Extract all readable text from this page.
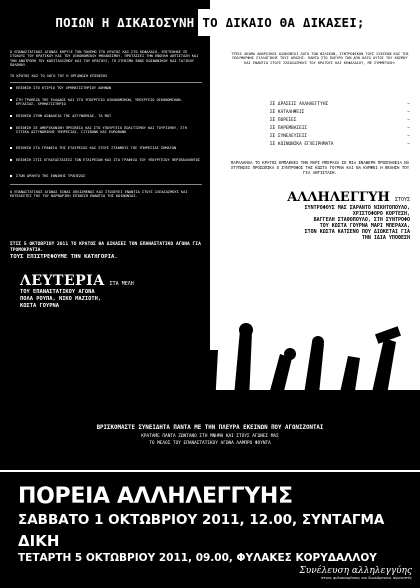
ΤΡΕΙΣ ΑΚΟΜΑ ΑΝΑΡΧΙΚΟΙ ΔΙΩΚΟΝΤΑΙ ΛΟΓΩ ΤΩΝ ΦΙΛΙΚΩΝ, ΣΥΝΤΡΟΦΙΚΩΝ ΤΟΥΣ ΣΧΕΣΕΩΝ ΚΑΙ ΤΗΣ ΠΟΛΥΜΟΡΦΗΣ ΣΥΛΛΟΓΙΚΗΣ ΤΟΥΣ ΔΡΑΣΗΣ. ΠΑΝΤΑ ΣΤΟ ΠΛΕΥΡΟ ΤΩΝ ΑΠΟ ΚΑΤΩ ΑΥΤΟΙ ΤΟΥ ΚΟΣΜΟΥ ΚΑΙ ΕΝΑΝΤΙΑ ΣΤΟΥΣ ΣΧΕΔΙΑΣΜΟΥΣ ΤΟΥ ΚΡΑΤΟΥΣ ΚΑΙ ΚΕΦΑΛΑΙΟΥ, ΜΕ ΣΥΜΜΕΤΟΧΗ:
ΣΕ ΔΡΑΣΕΙΣ ΑΛΛΗΛΕΓΓΥΗΣ	—
ΣΕ ΚΑΤΑΛΗΨΕΙΣ	—
ΣΕ ΠΟΡΕΙΕΣ	—
ΣΕ ΠΑΡΕΜΒΑΣΕΙΣ	—
ΣΕ ΣΥΝΕΛΕΥΣΕΙΣ	—
ΣΕ ΚΟΙΝΩΝΙΚΑ ΕΓΧΕΙΡΗΜΑΤΑ	—
ΠΑΡΑΛΛΗΛΑ ΤΟ ΚΡΑΤΟΣ ΕΜΠΛΕΚΕΙ ΤΗΝ ΜΑΡΙ ΜΠΕΡΑΧΑ ΣΕ ΜΙΑ ΕΝΑΦΕΡΗ ΠΡΟΣΠΑΘΕΙΑ ΝΑ ΧΤΥΠΗΣΕΙ ΠΡΟΣΩΠΙΚΑ Ο ΣΥΝΤΡΟΦΟΣ ΤΗΣ ΚΩΣΤΑ ΓΟΥΡΝΑ ΚΑΙ ΝΑ ΚΑΜΨΕΙ Η ΘΕΛΗΣΗ ΤΟΥ ΓΙΑ ΑΝΤΙΣΤΑΣΗ.
ΑΛΛΗΛΕΓΓΥΗ ΣΤΟΥΣ
ΣΥΝΤΡΟΦΟΥΣ ΜΑΣ ΣΑΡΑΝΤΟ ΝΙΚΗΤΟΠΟΥΛΟ,
ΧΡΙΣΤΟΦΟΡΟ ΚΟΡΤΕΣΗ,
ΒΑΓΓΕΛΗ ΣΤΑΘΟΠΟΥΛΟ, ΣΤΗ ΣΥΝΤΡΟΦΟ
ΤΟΥ ΚΩΣΤΑ ΓΟΥΡΝΑ ΜΑΡΙ ΜΠΕΡΑΧΑ,
ΣΤΟΝ ΚΩΣΤΑ ΚΑΤΣΕΝΟ ΠΟΥ ΔΙΩΚΕΤΑΙ ΓΙΑ
ΤΗΝ ΙΔΙΑ ΥΠΟΘΕΣΗ
ΠΟΙΩΝ Η ΔΙΚΑΙΟΣΥΝΗ ΤΟ ΔΙΚΑΙΟ ΘΑ ΔΙΚΑΣΕΙ;
Ο ΕΠΑΝΑΣΤΑΤΙΚΟΣ ΑΓΩΝΑΣ ΚΗΡΥΞΕ ΤΟΝ ΠΟΛΕΜΟ ΣΤΟ ΚΡΑΤΟΣ ΚΑΙ ΣΤΟ ΚΕΦΑΛΑΙΟ, ΕΠΙΤΕΘΗΚΕ ΣΕ ΣΤΟΧΟΥΣ ΤΟΥ ΚΡΑΤΙΚΟΥ ΚΑΙ ΤΟΥ ΟΙΚΟΝΟΜΙΚΟΥ ΜΗΧΑΝΙΣΜΟΥ. ΠΡΟΤΑΣΣΕΙ ΤΗΝ ΕΝΟΠΛΗ ΑΝΤΙΣΤΑΣΗ ΚΑΙ ΤΗΝ ΑΝΑΤΡΟΠΗ ΤΟΥ ΚΑΠΙΤΑΛΙΣΜΟΥ ΚΑΙ ΤΟΥ ΚΡΑΤΟΥΣ, ΤΟ ΣΤΗΣΙΜΟ ΕΝΟΣ ΚΟΙΝΩΝΙΚΟΥ ΚΑΙ ΤΑΞΙΚΟΥ ΠΟΛΕΜΟΥ.
ΤΟ ΚΡΑΤΟΣ ΚΑΙ ΤΟ ΛΟΓΟ ΤΟΥ Η ΟΡΓΑΝΩΣΗ ΕΠΙΘΕΣΗΣ
ΕΠΙΘΕΣΗ ΣΤΟ ΚΤΙΡΙΟ ΤΟΥ ΧΡΗΜΑΤΙΣΤΗΡΙΟΥ ΑΘΗΝΩΝ
ΣΤΗ ΤΡΑΠΕΖΑ ΤΗΣ ΕΛΛΑΔΟΣ ΚΑΙ ΣΤΟ ΥΠΟΥΡΓΕΙΟ ΟΙΚΟΝΟΜΙΚΩΝ, ΥΠΟΥΡΓΕΙΟ ΟΙΚΟΝΟΜΙΚΩΝ-ΕΡΓΑΣΙΑΣ, ΧΡΗΜΑΤΙΣΤΗΡΙΟ
ΕΠΙΘΕΣΗ ΣΤΗΝ ΑΣΦΑΛΕΙΑ ΤΗΣ ΑΣΤΥΝΟΜΙΑΣ, ΤΑ ΜΑΤ
ΕΠΙΘΕΣΗ ΣΕ ΑΜΕΡΙΚΑΝΙΚΗ ΠΡΕΣΒΕΙΑ ΚΑΙ ΣΤΟ ΥΠΟΥΡΓΕΙΟ ΠΟΛΙΤΙΣΜΟΥ ΚΑΙ ΤΟΥΡΙΣΜΟΥ, ΣΤΗ ΣΙΤΙΚΑ ΑΣΤΥΝΟΜΙΚΗΣ ΥΠΗΡΕΣΙΑΣ, CITIBANK ΚΑΙ EUROBANK
ΕΠΙΘΕΣΗ ΣΤΑ ΓΡΑΦΕΙΑ ΤΗΣ ΕΤΑΙΡΕΙΑΣ ΚΑΙ ΣΤΟΥΣ ΣΤΑΘΜΟΥΣ ΤΗΣ ΥΠΗΡΕΣΙΑΣ ΣΗΜΑΤΩΝ
ΕΠΙΘΕΣΗ ΣΤΙΣ ΕΓΚΑΤΑΣΤΑΣΕΙΣ ΤΩΝ ΕΤΑΙΡΕΙΩΝ ΚΑΙ ΣΤΑ ΓΡΑΦΕΙΑ ΤΟΥ ΥΠΟΥΡΓΕΙΟΥ ΠΕΡΙΒΑΛΛΟΝΤΟΣ
ΣΤΟΝ ΑΡΧΗΓΟ ΤΗΣ ΕΘΝΙΚΗΣ ΤΡΑΠΕΖΑΣ
Ο ΕΠΑΝΑΣΤΑΤΙΚΟΣ ΑΓΩΝΑΣ ΕΙΝΑΙ ΟΠΛΙΣΜΕΝΟΣ ΚΑΙ ΣΤΟΧΕΥΕΙ ΕΝΑΝΤΙΑ ΣΤΟΥΣ ΣΧΕΔΙΑΣΜΟΥΣ ΚΑΙ ΕΚΤΕΛΕΣΤΕΣ ΤΗΣ ΤΟΥ ΒΑΡΒΑΡΙΚΗ ΕΠΙΘΕΣΗ ΕΝΑΝΤΙΑ ΤΗΣ ΚΟΙΝΩΝΙΑΣ.
ΣΤΙΣ 5 ΟΚΤΩΒΡΙΟΥ 2011 ΤΟ ΚΡΑΤΟΣ ΘΑ ΔΙΚΑΣΕΙ ΤΟΝ ΕΠΑΝΑΣΤΑΤΙΚΟ ΑΓΩΝΑ ΓΙΑ ΤΡΟΜΟΚΡΑΤΙΑ.
ΤΟΥΣ ΕΠΙΣΤΡΕΦΟΥΜΕ ΤΗΝ ΚΑΤΗΓΟΡΙΑ.
ΛΕΥΤΕΡΙΑ ΣΤΑ ΜΕΛΗ
ΤΟΥ ΕΠΑΝΑΣΤΑΤΙΚΟΥ ΑΓΩΝΑ
ΠΟΛΑ ΡΟΥΠΑ, ΝΙΚΟ ΜΑΖΙΩΤΗ,
ΚΩΣΤΑ ΓΟΥΡΝΑ
ΒΡΙΣΚΟΜΑΣΤΕ ΣΥΝΕΙΔΗΤΑ ΠΑΝΤΑ ΜΕ ΤΗΝ ΠΛΕΥΡΑ ΕΚΕΙΝΩΝ ΠΟΥ ΑΓΩΝΙΖΟΝΤΑΙ
ΚΡΑΤΑΜΕ ΠΑΝΤΑ ΖΩΝΤΑΝΟ ΣΤΗ ΜΝΗΜΗ ΚΑΙ ΣΤΟΥΣ ΑΓΩΝΕΣ ΜΑΣ
ΤΟ ΜΕΛΟΣ ΤΟΥ ΕΠΑΝΑΣΤΑΤΙΚΟΥ ΑΓΩΝΑ ΛΑΜΠΡΟ ΦΟΥΝΤΑ
ΠΟΡΕΙΑ ΑΛΛΗΛΕΓΓΥΗΣ
ΣΑΒΒΑΤΟ 1 ΟΚΤΩΒΡΙΟΥ 2011, 12.00, ΣΥΝΤΑΓΜΑ
ΔΙΚΗ
ΤΕΤΑΡΤΗ 5 ΟΚΤΩΒΡΙΟΥ 2011, 09.00, ΦΥΛΑΚΕΣ ΚΟΡΥΔΑΛΛΟΥ
Συνέλευση αλληλεγγύης
στους φυλακισμένους και διωκόμενους αγωνιστές
